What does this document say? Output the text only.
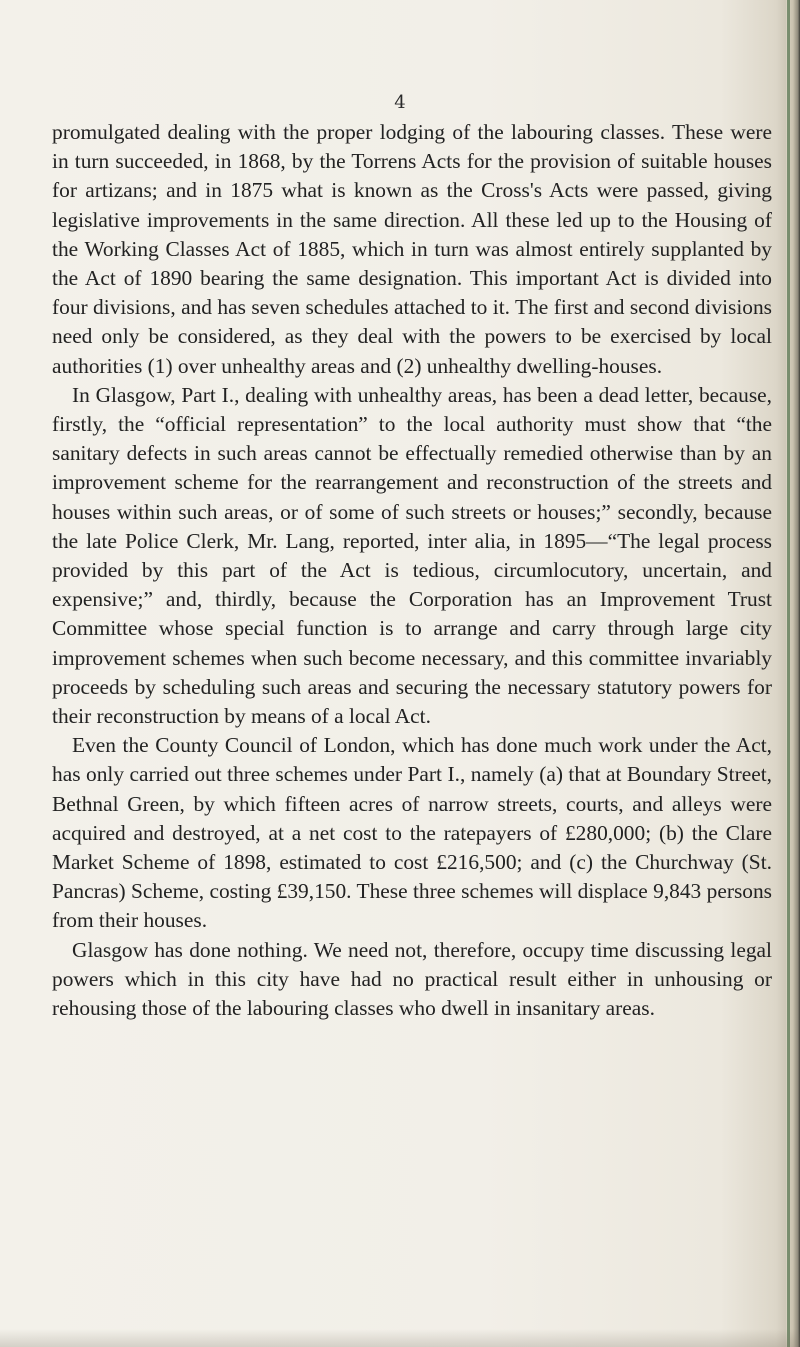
4

promulgated dealing with the proper lodging of the labouring classes. These were in turn succeeded, in 1868, by the Torrens Acts for the provision of suitable houses for artizans; and in 1875 what is known as the Cross's Acts were passed, giving legislative improvements in the same direction. All these led up to the Housing of the Working Classes Act of 1885, which in turn was almost entirely supplanted by the Act of 1890 bearing the same designation. This important Act is divided into four divisions, and has seven schedules attached to it. The first and second divisions need only be considered, as they deal with the powers to be exercised by local authorities (1) over unhealthy areas and (2) unhealthy dwelling-houses.

In Glasgow, Part I., dealing with unhealthy areas, has been a dead letter, because, firstly, the “official representation” to the local authority must show that “the sanitary defects in such areas cannot be effectually remedied otherwise than by an improvement scheme for the rearrangement and reconstruction of the streets and houses within such areas, or of some of such streets or houses;” secondly, because the late Police Clerk, Mr. Lang, reported, inter alia, in 1895—“The legal process provided by this part of the Act is tedious, circumlocutory, uncertain, and expensive;” and, thirdly, because the Corporation has an Improvement Trust Committee whose special function is to arrange and carry through large city improvement schemes when such become necessary, and this committee invariably proceeds by scheduling such areas and securing the necessary statutory powers for their reconstruction by means of a local Act.

Even the County Council of London, which has done much work under the Act, has only carried out three schemes under Part I., namely (a) that at Boundary Street, Bethnal Green, by which fifteen acres of narrow streets, courts, and alleys were acquired and destroyed, at a net cost to the ratepayers of £280,000; (b) the Clare Market Scheme of 1898, estimated to cost £216,500; and (c) the Churchway (St. Pancras) Scheme, costing £39,150. These three schemes will displace 9,843 persons from their houses.

Glasgow has done nothing. We need not, therefore, occupy time discussing legal powers which in this city have had no practical result either in unhousing or rehousing those of the labouring classes who dwell in insanitary areas.
